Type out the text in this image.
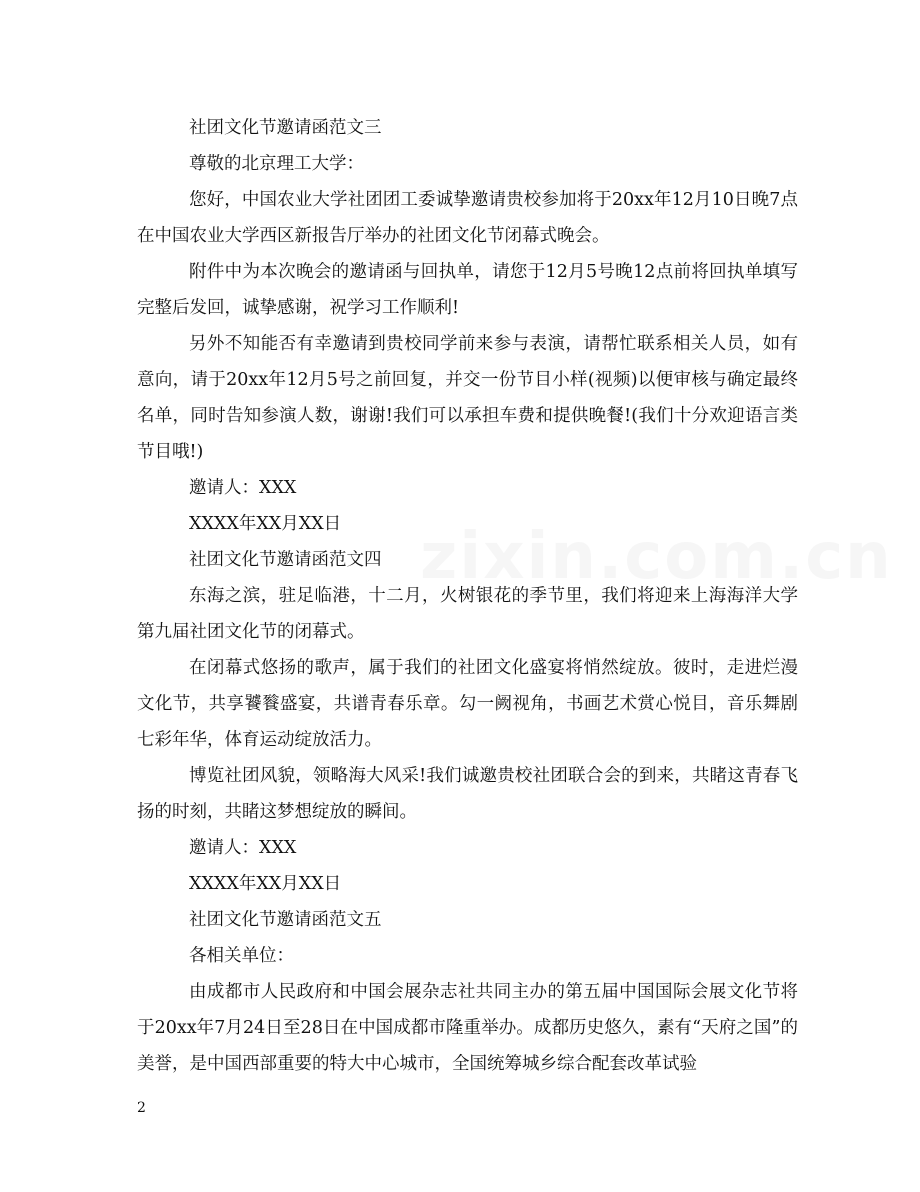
社团文化节邀请函范文三

尊敬的北京理工大学：

您好，中国农业大学社团团工委诚挚邀请贵校参加将于20xx年12月10日晚7点在中国农业大学西区新报告厅举办的社团文化节闭幕式晚会。

附件中为本次晚会的邀请函与回执单，请您于12月5号晚12点前将回执单填写完整后发回，诚挚感谢，祝学习工作顺利!

另外不知能否有幸邀请到贵校同学前来参与表演，请帮忙联系相关人员，如有意向，请于20xx年12月5号之前回复，并交一份节目小样(视频)以便审核与确定最终名单，同时告知参演人数，谢谢!我们可以承担车费和提供晚餐!(我们十分欢迎语言类节目哦!)

邀请人：XXX

XXXX年XX月XX日

社团文化节邀请函范文四

东海之滨，驻足临港，十二月，火树银花的季节里，我们将迎来上海海洋大学第九届社团文化节的闭幕式。

在闭幕式悠扬的歌声，属于我们的社团文化盛宴将悄然绽放。彼时，走进烂漫文化节，共享饕餮盛宴，共谱青春乐章。勾一阙视角，书画艺术赏心悦目，音乐舞剧七彩年华，体育运动绽放活力。

博览社团风貌，领略海大风采!我们诚邀贵校社团联合会的到来，共睹这青春飞扬的时刻，共睹这梦想绽放的瞬间。

邀请人：XXX

XXXX年XX月XX日

社团文化节邀请函范文五

各相关单位：

由成都市人民政府和中国会展杂志社共同主办的第五届中国国际会展文化节将于20xx年7月24日至28日在中国成都市隆重举办。成都历史悠久，素有“天府之国”的美誉，是中国西部重要的特大中心城市，全国统筹城乡综合配套改革试验

zixin.com.cn
2
